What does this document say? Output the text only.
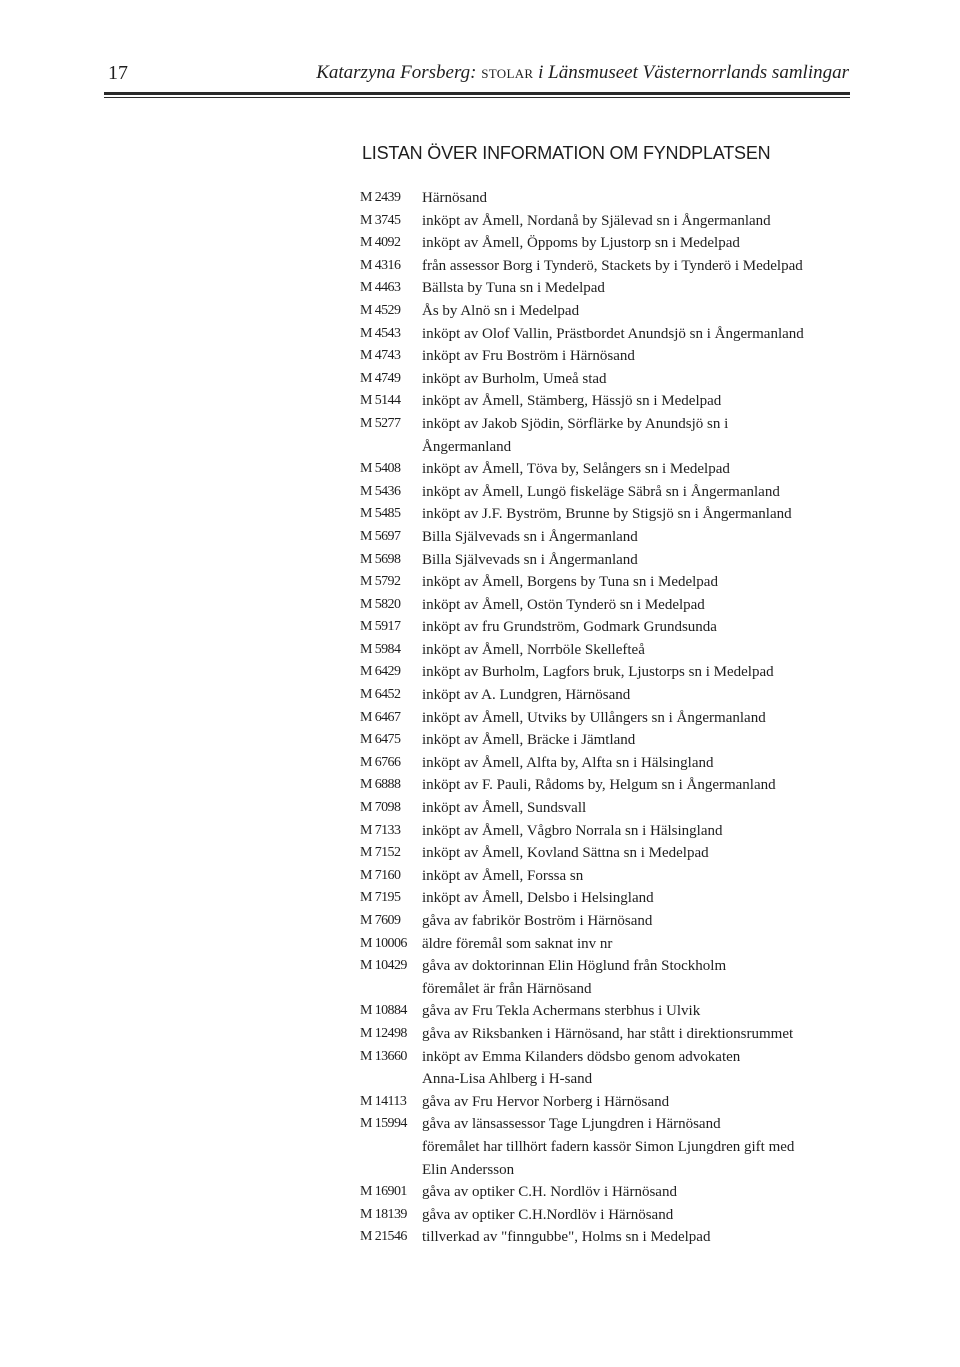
17	Katarzyna Forsberg: STOLAR i Länsmuseet Västernorrlands samlingar
LISTAN ÖVER INFORMATION OM FYNDPLATSEN
M 2439 Härnösand
M 3745 inköpt av Åmell, Nordanå by Själevad sn i Ångermanland
M 4092 inköpt av Åmell, Öppoms by Ljustorp sn i Medelpad
M 4316 från assessor Borg i Tynderö, Stackets by i Tynderö i Medelpad
M 4463 Bällsta by Tuna sn i Medelpad
M 4529 Ås by Alnö sn i Medelpad
M 4543 inköpt av Olof Vallin, Prästbordet Anundsjö sn i Ångermanland
M 4743 inköpt av Fru Boström i Härnösand
M 4749 inköpt av Burholm, Umeå stad
M 5144 inköpt av Åmell, Stämberg, Hässjö sn i Medelpad
M 5277 inköpt av Jakob Sjödin, Sörflärke by Anundsjö sn i
Ångermanland
M 5408 inköpt av Åmell, Töva by, Selångers sn i Medelpad
M 5436 inköpt av Åmell, Lungö fiskeläge Säbrå sn i Ångermanland
M 5485 inköpt av J.F. Byström, Brunne by Stigsjö sn i Ångermanland
M 5697 Billa Självevads sn i Ångermanland
M 5698 Billa Självevads sn i Ångermanland
M 5792 inköpt av Åmell, Borgens by Tuna sn i Medelpad
M 5820 inköpt av Åmell, Ostön Tynderö sn i Medelpad
M 5917 inköpt av fru Grundström, Godmark Grundsunda
M 5984 inköpt av Åmell, Norrböle Skellefteå
M 6429 inköpt av Burholm, Lagfors bruk, Ljustorps sn i Medelpad
M 6452 inköpt av A. Lundgren, Härnösand
M 6467 inköpt av Åmell, Utviks by Ullångers sn i Ångermanland
M 6475 inköpt av Åmell, Bräcke i Jämtland
M 6766 inköpt av Åmell, Alfta by, Alfta sn i Hälsingland
M 6888 inköpt av F. Pauli, Rådoms by, Helgum sn i Ångermanland
M 7098 inköpt av Åmell, Sundsvall
M 7133 inköpt av Åmell, Vågbro Norrala sn i Hälsingland
M 7152 inköpt av Åmell, Kovland Sättna sn i Medelpad
M 7160 inköpt av Åmell, Forssa sn
M 7195 inköpt av Åmell, Delsbo i Helsingland
M 7609 gåva av fabrikör Boström i Härnösand
M 10006 äldre föremål som saknat inv nr
M 10429 gåva av doktorinnan Elin Höglund från Stockholm
föremålet är från Härnösand
M 10884 gåva av Fru Tekla Achermans sterbhus i Ulvik
M 12498 gåva av Riksbanken i Härnösand, har stått i direktionsrummet
M 13660 inköpt av Emma Kilanders dödsbo genom advokaten
Anna-Lisa Ahlberg i H-sand
M 14113 gåva av Fru Hervor Norberg i Härnösand
M 15994 gåva av länsassessor Tage Ljungdren i Härnösand
föremålet har tillhört fadern kassör Simon Ljungdren gift med
Elin Andersson
M 16901 gåva av optiker C.H. Nordlöv i Härnösand
M 18139 gåva av optiker C.H.Nordlöv i Härnösand
M 21546 tillverkad av "finngubbe", Holms sn i Medelpad
